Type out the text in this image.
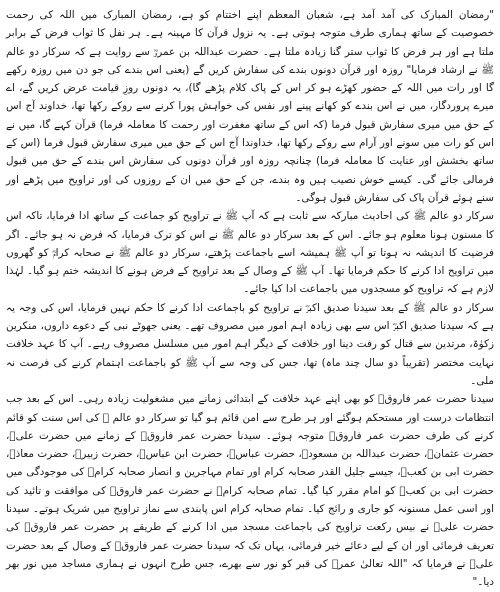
"رمضان المبارک کی آمد آمد ہے، شعبان المعظم اپنے اختتام کو ہے، رمضان المبارک میں اللہ کی رحمت خصوصیت کے ساتھ ہماری طرف متوجہ ہوتی ہے۔ یہ نزول قرآن کا مہینہ ہے۔ ہر نفل کا ثواب فرض کے برابر ملتا ہے اور ہر فرض کا ثواب ستر گنا زیادہ ملتا ہے۔ حضرت عبداللہ بن عمروؓ سے روایت ہے کہ سرکار دو عالم ﷺ نے ارشاد فرمایا" روزہ اور قرآن دونوں بندے کی سفارش کریں گے (یعنی اس بندے کی جو دن میں روزہ رکھے گا اور رات میں اللہ کے حضور کھڑے ہو کر اس کے پاک کلام پڑھے گا)، یہ دونوں روزِ قیامت عرض کریں گے، اے میرے پروردگار، میں نے اس بندے کو کھانے پینے اور نفس کی خواہش پورا کرنے سے روکے رکھا تھا، خداوند آج اس کے حق میں میری سفارش قبول فرما (کہ اس کے ساتھ مغفرت اور رحمت کا معاملہ فرما) قرآن کہے گا، میں نے اس کو رات میں سونے اور آرام سے روکے رکھا تھا، خداوندا آج اس کے حق میں میری سفارش قبول فرما (اس کے ساتھ بخشش اور عنایت کا معاملہ فرما) چنانچہ روزہ اور قرآن دونوں کی سفارش اس بندے کے حق میں قبول فرمالی جائے گی۔ کیسے خوش نصیب ہیں وہ بندے، جن کے حق میں ان کے روزوں کی اور تراویح میں پڑھے اور سنے ہوئے قرآن پاک کی سفارش قبول ہوگی۔

سرکار دو عالم ﷺ کی احادیث مبارکہ سے ثابت ہے کہ آپ ﷺ نے تراویح کو جماعت کے ساتھ ادا فرمایا، تاکہ اس کا مسنون ہونا معلوم ہو جائے۔ اس کے بعد سرکار دو عالم ﷺ نے اس کو ترک فرمایا، کہ فرض نہ ہو جائے۔ اگر فرضیت کا اندیشہ نہ ہوتا تو آپ ﷺ ہمیشہ اسے باجماعت پڑھتے، سرکار دو عالم ﷺ نے صحابہ کرامؓ کو گھروں میں تراویح ادا کرنے کا حکم فرمایا تھا۔ آپ ﷺ کے وصال کے بعد تراویح کے فرض ہونے کا اندیشہ ختم ہو گیا۔ لہٰذا لازم ہے کہ تراویح کو مسجدوں میں باجماعت ادا کیا جائے۔

سرکار دو عالم ﷺ کے بعد سیدنا صدیق اکبرؓ نے تراویح کو باجماعت ادا کرنے کا حکم نہیں فرمایا، اس کی وجہ یہ ہے کہ سیدنا صدیق اکبرؓ اس سے بھی زیادہ اہم امور میں مصروف تھے۔ یعنی جھوٹے نبی کے دعوے داروں، منکرین زکوٰۃ، مرتدین سے قتال کو رفت دینا اور خلافت کے دیگر اہم امور میں مسلسل مصروف رہے۔ آپ کا عہد خلافت نہایت مختصر (تقریباً دو سال چند ماہ) تھا، جس کی وجہ سے آپ ﷺ کو باجماعت اہتمام کرنے کی فرصت نہ ملی۔

سیدنا حضرت عمر فاروقؓ کو بھی اپنے عہد خلافت کے ابتدائی زمانے میں مشغولیت زیادہ رہی۔ اس کے بعد جب انتظامات درست اور مستحکم ہوگئے اور ہر طرح سے امن قائم ہو گیا تو سرکار دو عالم ﷺ کی اس سنت کو قائم کرنے کی طرف حضرت عمر فاروقؓ متوجہ ہوئے۔ سیدنا حضرت عمر فاروقؓ کے زمانے میں حضرت علیؓ، حضرت عثمانؓ، حضرت عبداللہ بن مسعودؓ، حضرت عباسؓ، حضرت ابن عباسؓ، حضرت زبیرؓ، حضرت معاذؓ، حضرت ابی بن کعبؓ، جیسے جلیل القدر صحابہ کرام اور تمام مہاجرین و انصار صحابہ کرامؓ کی موجودگی میں حضرت ابی بن کعبؓ کو امام مقرر کیا گیا۔ تمام صحابہ کرامؓ نے حضرت عمر فاروقؓ کی موافقت و تائید کی اور اسی عمل مسنونہ کو جاری و رائج کیا۔ تمام صحابہ کرام اس پابندی سے نماز تراویح میں شریک ہوتے۔ سیدنا حضرت علیؓ نے بیس رکعت تراویح کی باجماعت مسجد میں ادا کرنے کے طریقے پر حضرت عمر فاروقؓ کی تعریف فرمائی اور ان کے لیے دعائے خیر فرمائی، یہاں تک کہ سیدنا حضرت عمر فاروقؓ کے وصال کے بعد حضرت علیؓ نے فرمایا کہ "اللہ تعالیٰ عمرؓ کی قبر کو نور سے بھرے، جس طرح انہوں نے ہماری مساجد میں نور بھر دیا۔"
